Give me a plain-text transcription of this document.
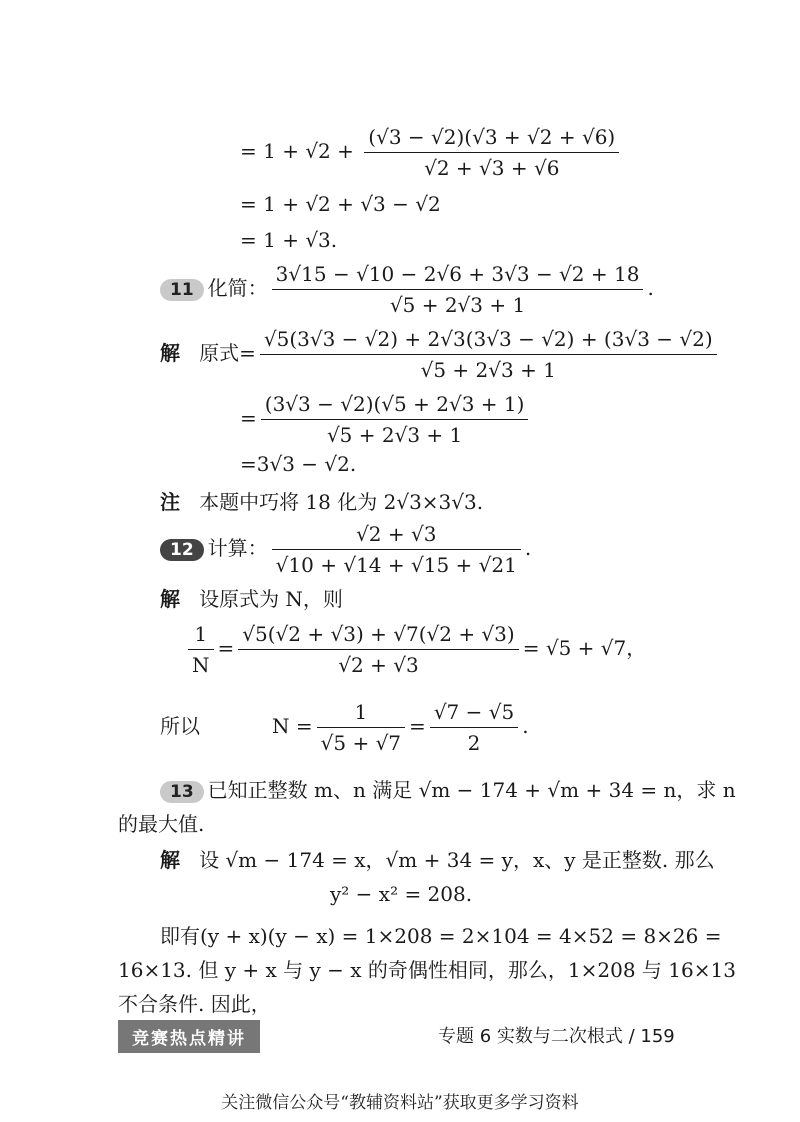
= $1 + √2 + \frac{(√3 - √2)(√3 + √2 + √6)}{√2 + √3 + √6}$
= 1 + √2 + √3 − √2
= 1 + √3.
11 化简： $\frac{3√15 - √10 - 2√6 + 3√3 - √2 + 18}{√5 + 2√3 + 1}$ .
解 原式= $\frac{√5(3√3 - √2) + 2√3(3√3 - √2) + (3√3 - √2)}{√5 + 2√3 + 1}$
= $\frac{(3√3 - √2)(√5 + 2√3 + 1)}{√5 + 2√3 + 1}$
=3√3 − √2.
注 本题中巧将 18 化为 2√3×3√3.
12 计算： $\frac{√2 + √3}{√10 + √14 + √15 + √21}$ .
解 设原式为 N，则
$\frac{1}{N} = \frac{√5(√2 + √3) + √7(√2 + √3)}{√2 + √3} = √5 + √7$，
所以	$N = \frac{1}{√5 + √7} = \frac{√7 - √5}{2}$ .
13 已知正整数 m、n 满足 √m − 174 + √m + 34 = n，求 n
的最大值.
解 设 √m − 174 = x，√m + 34 = y，x、y 是正整数. 那么
y² − x² = 208.
即有(y + x)(y − x) = 1×208 = 2×104 = 4×52 = 8×26 =
16×13. 但 y + x 与 y − x 的奇偶性相同，那么，1×208 与 16×13
不合条件. 因此，
竞赛热点精讲	专题 6 实数与二次根式 / 159
关注微信公众号“教辅资料站”获取更多学习资料
